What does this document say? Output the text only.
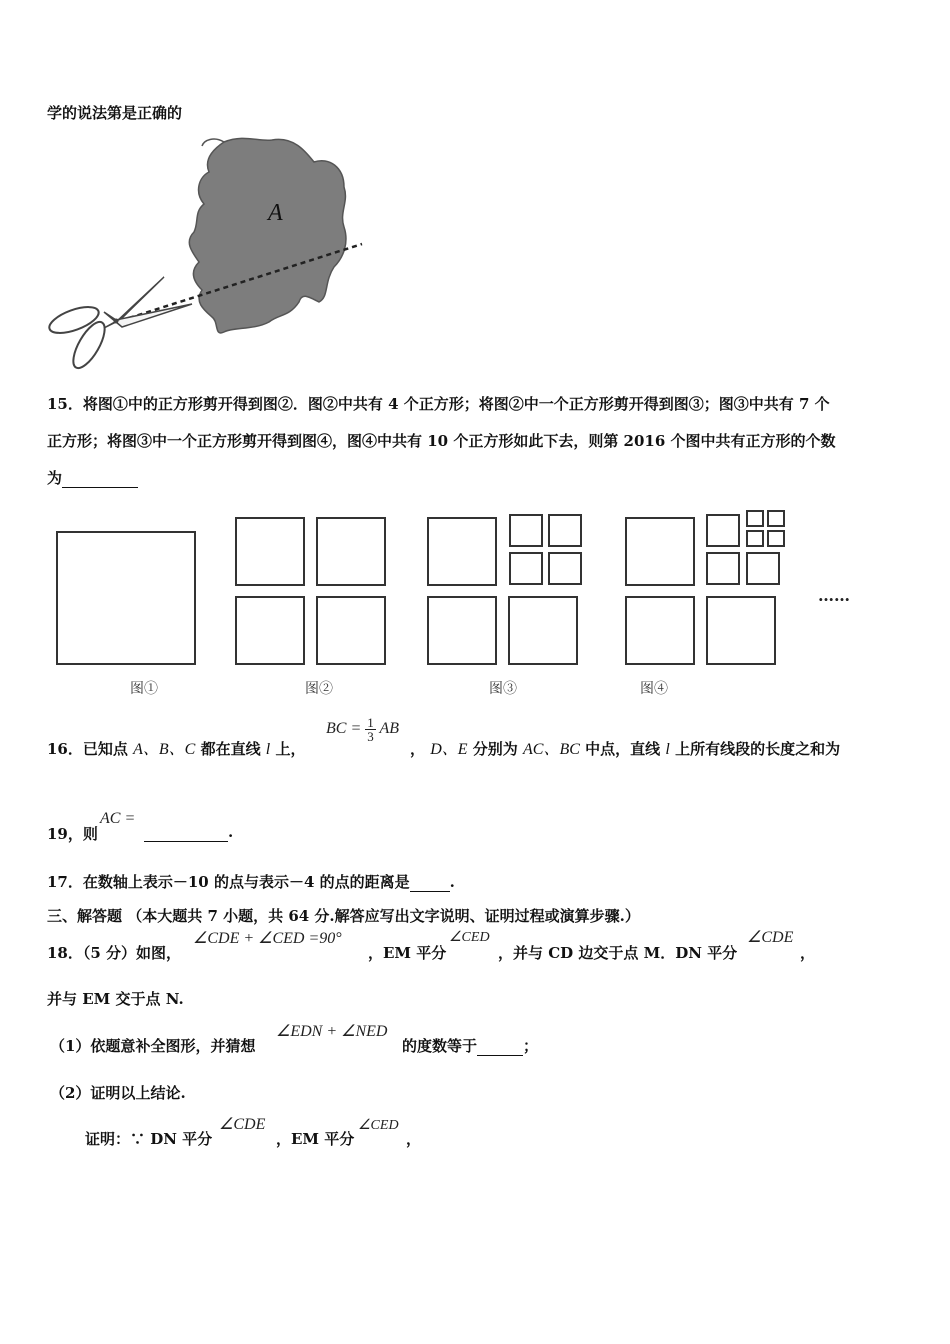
学的说法第是正确的
A
15．将图①中的正方形剪开得到图②．图②中共有 4 个正方形；将图②中一个正方形剪开得到图③；图③中共有 7 个
正方形；将图③中一个正方形剪开得到图④，图④中共有 10 个正方形如此下去，则第 2016 个图中共有正方形的个数
为
……
图①	图②	图③	图④
16．已知点 A、B、C 都在直线 l 上，
BC = $\frac{1}{3}$ AB
， D、E 分别为 AC、BC 中点，直线 l 上所有线段的长度之和为
19，则
AC =
.
17．在数轴上表示－10 的点与表示－4 的点的距离是	.
三、解答题 （本大题共 7 小题，共 64 分.解答应写出文字说明、证明过程或演算步骤.）
18．（5 分）如图，
∠CDE + ∠CED =90°
，EM 平分
∠CED
，并与 CD 边交于点 M．DN 平分
∠CDE
，
并与 EM 交于点 N.
（1）依题意补全图形，并猜想
∠EDN + ∠NED
的度数等于	；
（2）证明以上结论.
证明：∵ DN 平分
∠CDE
，EM 平分
∠CED
，
